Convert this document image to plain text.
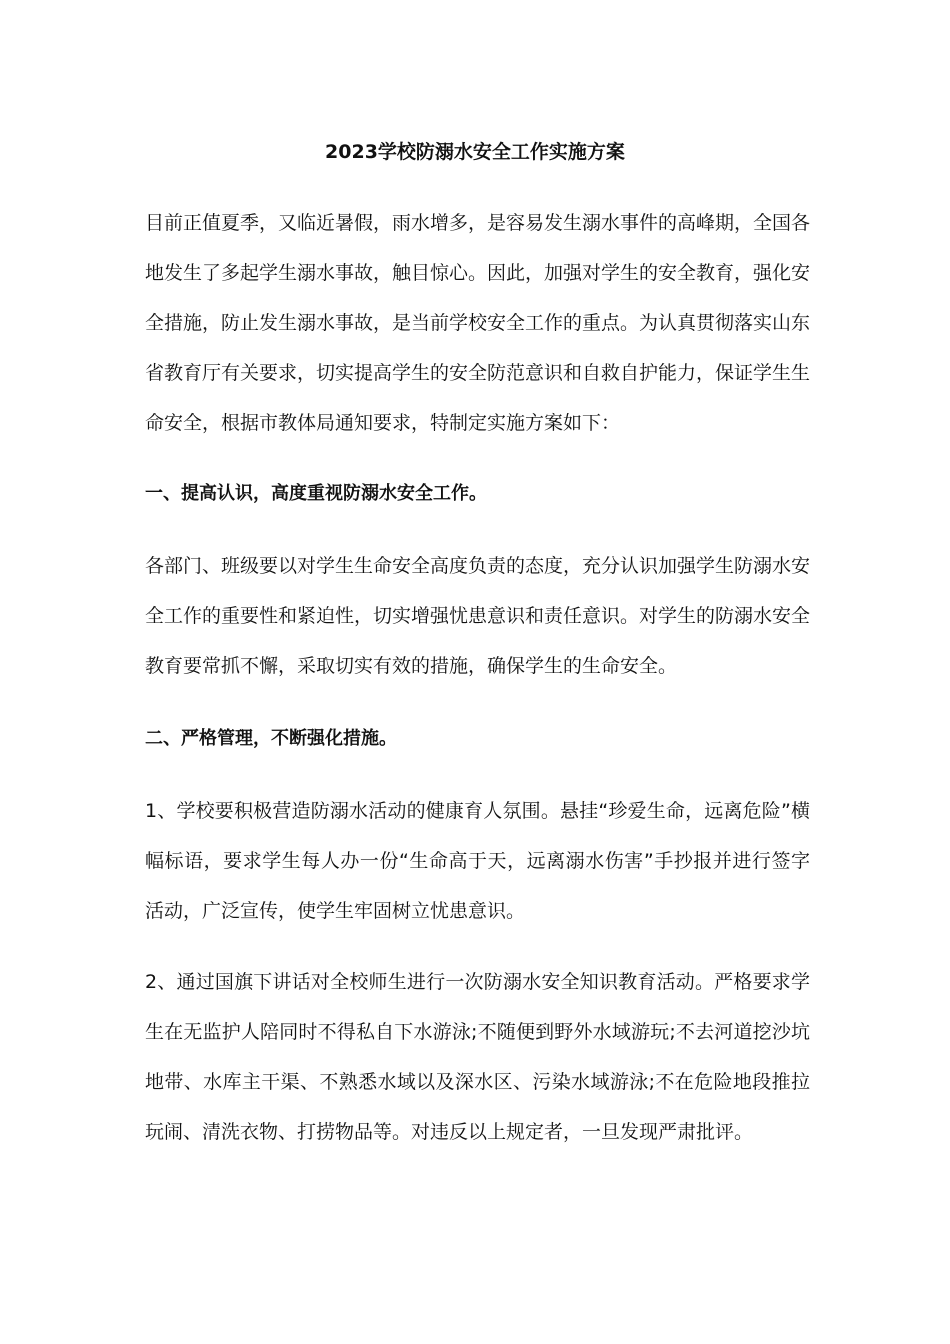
2023学校防溺水安全工作实施方案

目前正值夏季，又临近暑假，雨水增多，是容易发生溺水事件的高峰期，全国各地发生了多起学生溺水事故，触目惊心。因此，加强对学生的安全教育，强化安全措施，防止发生溺水事故，是当前学校安全工作的重点。为认真贯彻落实山东省教育厅有关要求，切实提高学生的安全防范意识和自救自护能力，保证学生生命安全，根据市教体局通知要求，特制定实施方案如下：

一、提高认识，高度重视防溺水安全工作。

各部门、班级要以对学生生命安全高度负责的态度，充分认识加强学生防溺水安全工作的重要性和紧迫性，切实增强忧患意识和责任意识。对学生的防溺水安全教育要常抓不懈，采取切实有效的措施，确保学生的生命安全。

二、严格管理，不断强化措施。

1、学校要积极营造防溺水活动的健康育人氛围。悬挂“珍爱生命，远离危险”横幅标语，要求学生每人办一份“生命高于天，远离溺水伤害”手抄报并进行签字活动，广泛宣传，使学生牢固树立忧患意识。

2、通过国旗下讲话对全校师生进行一次防溺水安全知识教育活动。严格要求学生在无监护人陪同时不得私自下水游泳;不随便到野外水域游玩;不去河道挖沙坑地带、水库主干渠、不熟悉水域以及深水区、污染水域游泳;不在危险地段推拉玩闹、清洗衣物、打捞物品等。对违反以上规定者，一旦发现严肃批评。
